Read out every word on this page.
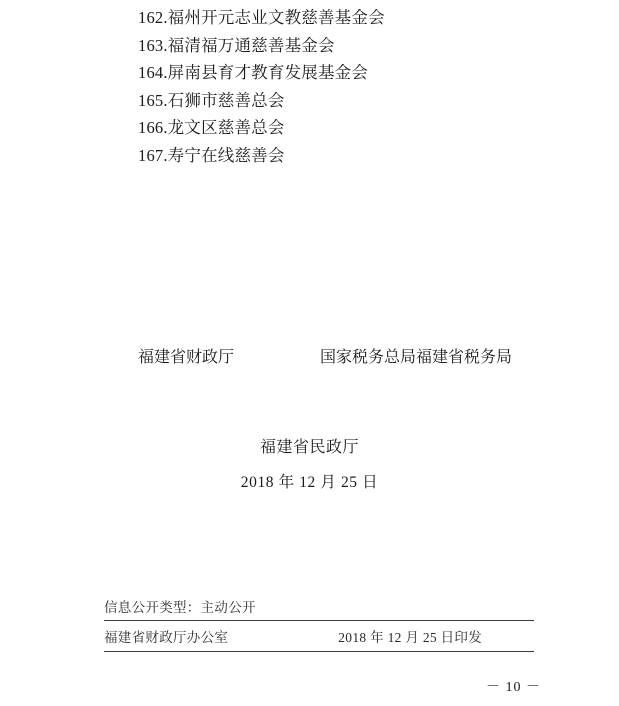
162.福州开元志业文教慈善基金会
163.福清福万通慈善基金会
164.屏南县育才教育发展基金会
165.石狮市慈善总会
166.龙文区慈善总会
167.寿宁在线慈善会
福建省财政厅	国家税务总局福建省税务局
福建省民政厅
2018 年 12 月 25 日
信息公开类型：主动公开
福建省财政厅办公室	2018 年 12 月 25 日印发
－ 10 －
